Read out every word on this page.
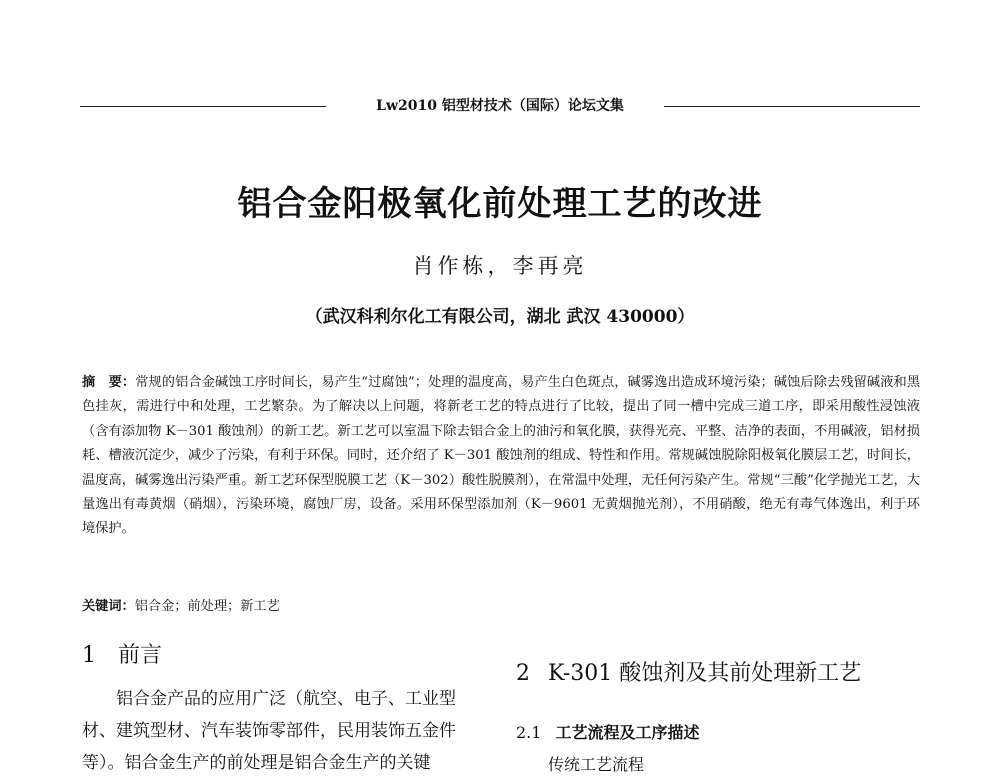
Lw2010 铝型材技术（国际）论坛文集
铝合金阳极氧化前处理工艺的改进
肖作栋，李再亮
（武汉科利尔化工有限公司，湖北 武汉 430000）

摘　要：常规的铝合金碱蚀工序时间长，易产生“过腐蚀”；处理的温度高，易产生白色斑点，碱雾逸出造成环境污染；碱蚀后除去残留碱液和黑色挂灰，需进行中和处理，工艺繁杂。为了解决以上问题，将新老工艺的特点进行了比较，提出了同一槽中完成三道工序，即采用酸性浸蚀液（含有添加物 K－301 酸蚀剂）的新工艺。新工艺可以室温下除去铝合金上的油污和氧化膜，获得光亮、平整、洁净的表面，不用碱液，铝材损耗、槽液沉淀少，减少了污染，有利于环保。同时，还介绍了 K－301 酸蚀剂的组成、特性和作用。常规碱蚀脱除阳极氧化膜层工艺，时间长，温度高，碱雾逸出污染严重。新工艺环保型脱膜工艺（K－302）酸性脱膜剂），在常温中处理，无任何污染产生。常规“三酸”化学抛光工艺，大量逸出有毒黄烟（硝烟），污染环境，腐蚀厂房，设备。采用环保型添加剂（K－9601 无黄烟抛光剂），不用硝酸，绝无有毒气体逸出，利于环境保护。

关键词：铝合金；前处理；新工艺
1 前言

铝合金产品的应用广泛（航空、电子、工业型材、建筑型材、汽车装饰零部件，民用装饰五金件等）。铝合金生产的前处理是铝合金生产的关键

2 K-301 酸蚀剂及其前处理新工艺
2.1 工艺流程及工序描述
传统工艺流程
